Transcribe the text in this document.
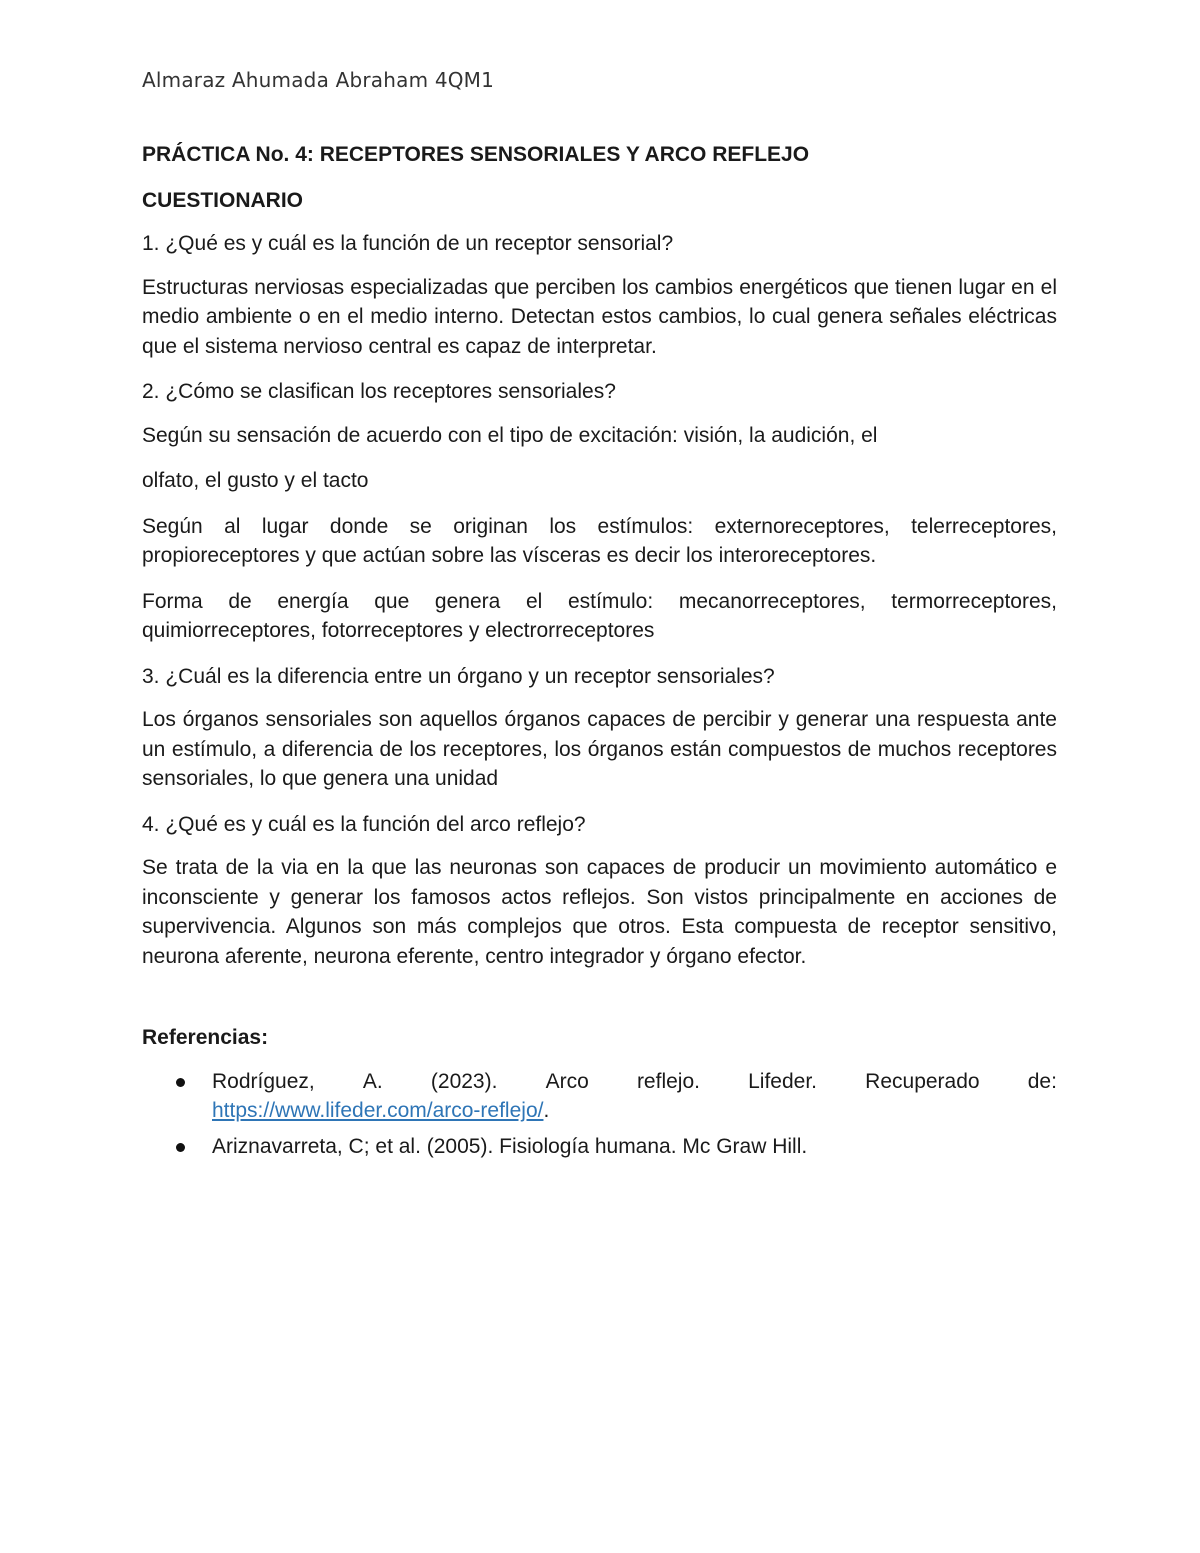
Almaraz Ahumada Abraham 4QM1
PRÁCTICA No. 4: RECEPTORES SENSORIALES Y ARCO REFLEJO
CUESTIONARIO
1. ¿Qué es y cuál es la función de un receptor sensorial?
Estructuras nerviosas especializadas que perciben los cambios energéticos que tienen lugar en el medio ambiente o en el medio interno. Detectan estos cambios, lo cual genera señales eléctricas que el sistema nervioso central es capaz de interpretar.
2. ¿Cómo se clasifican los receptores sensoriales?
Según su sensación de acuerdo con el tipo de excitación: visión, la audición, el
olfato, el gusto y el tacto
Según al lugar donde se originan los estímulos: externoreceptores, telerreceptores, propioreceptores y que actúan sobre las vísceras es decir los interoreceptores.
Forma de energía que genera el estímulo: mecanorreceptores, termorreceptores, quimiorreceptores, fotorreceptores y electrorreceptores
3. ¿Cuál es la diferencia entre un órgano y un receptor sensoriales?
Los órganos sensoriales son aquellos órganos capaces de percibir y generar una respuesta ante un estímulo, a diferencia de los receptores, los órganos están compuestos de muchos receptores sensoriales, lo que genera una unidad
4. ¿Qué es y cuál es la función del arco reflejo?
Se trata de la via en la que las neuronas son capaces de producir un movimiento automático e inconsciente y generar los famosos actos reflejos. Son vistos principalmente en acciones de supervivencia. Algunos son más complejos que otros. Esta compuesta de receptor sensitivo, neurona aferente, neurona eferente, centro integrador y órgano efector.
Referencias:
Rodríguez, A. (2023). Arco reflejo. Lifeder. Recuperado de:
https://www.lifeder.com/arco-reflejo/.
Ariznavarreta, C; et al. (2005). Fisiología humana. Mc Graw Hill.
